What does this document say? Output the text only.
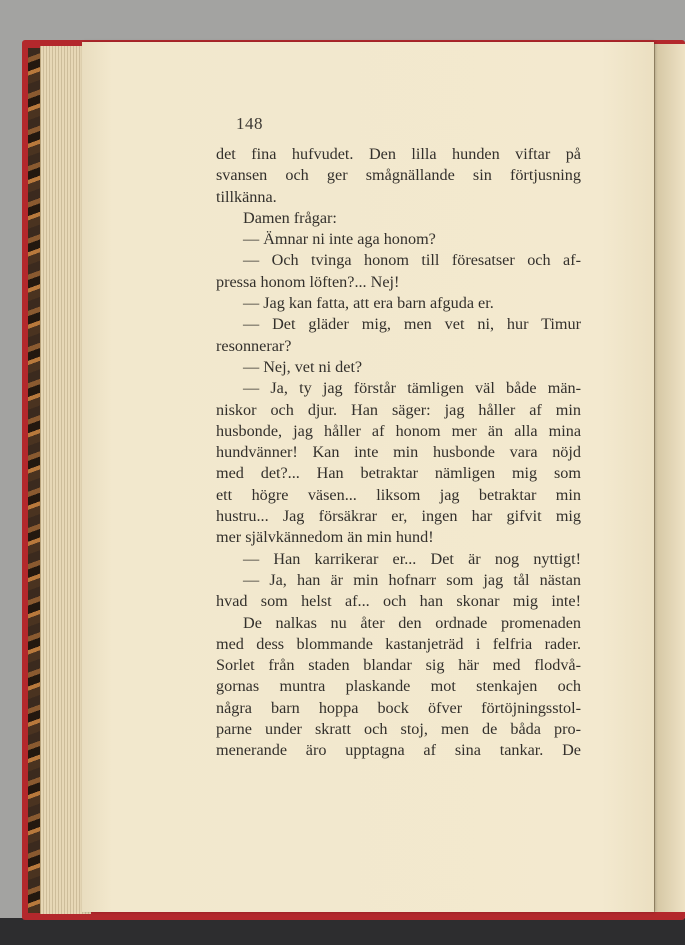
148
det fina hufvudet. Den lilla hunden viftar på
svansen och ger smågnällande sin förtjusning
tillkänna.
Damen frågar:
— Ämnar ni inte aga honom?
— Och tvinga honom till föresatser och af-
pressa honom löften?... Nej!
— Jag kan fatta, att era barn afguda er.
— Det gläder mig, men vet ni, hur Timur
resonnerar?
— Nej, vet ni det?
— Ja, ty jag förstår tämligen väl både män-
niskor och djur. Han säger: jag håller af min
husbonde, jag håller af honom mer än alla mina
hundvänner! Kan inte min husbonde vara nöjd
med det?... Han betraktar nämligen mig som
ett högre väsen... liksom jag betraktar min
hustru... Jag försäkrar er, ingen har gifvit mig
mer självkännedom än min hund!
— Han karrikerar er... Det är nog nyttigt!
— Ja, han är min hofnarr som jag tål nästan
hvad som helst af... och han skonar mig inte!
De nalkas nu åter den ordnade promenaden
med dess blommande kastanjeträd i felfria rader.
Sorlet från staden blandar sig här med flodvå-
gornas muntra plaskande mot stenkajen och
några barn hoppa bock öfver förtöjningsstol-
parne under skratt och stoj, men de båda pro-
menerande äro upptagna af sina tankar. De
